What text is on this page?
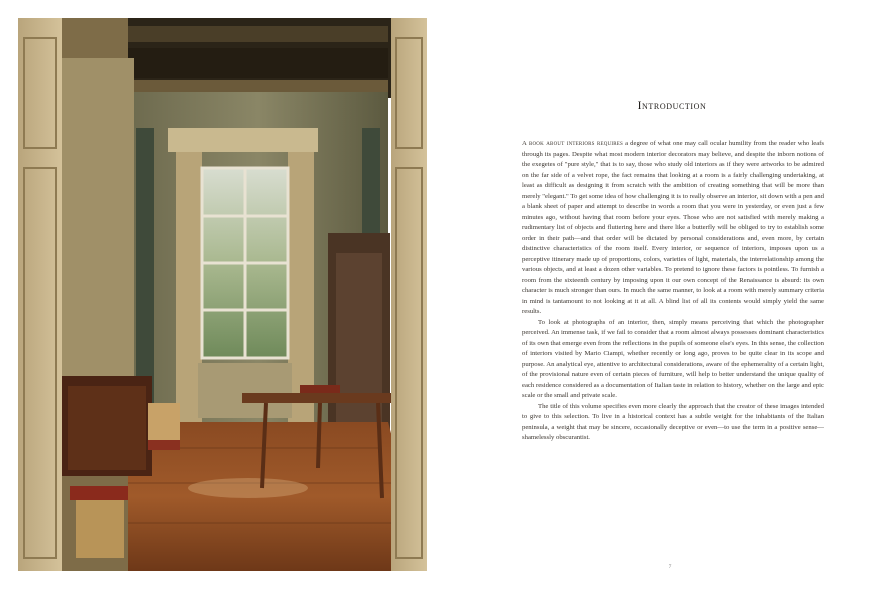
Introduction

A book about interiors requires a degree of what one may call ocular humility from the reader who leafs through its pages. Despite what most modern interior decorators may believe, and despite the inborn notions of the exegetes of "pure style," that is to say, those who study old interiors as if they were artworks to be admired on the far side of a velvet rope, the fact remains that looking at a room is a fairly challenging undertaking, at least as difficult as designing it from scratch with the ambition of creating something that will be more than merely "elegant." To get some idea of how challenging it is to really observe an interior, sit down with a pen and a blank sheet of paper and attempt to describe in words a room that you were in yesterday, or even just a few minutes ago, without having that room before your eyes. Those who are not satisfied with merely making a rudimentary list of objects and fluttering here and there like a butterfly will be obliged to try to establish some order in their path—and that order will be dictated by personal considerations and, even more, by certain distinctive characteristics of the room itself. Every interior, or sequence of interiors, imposes upon us a perceptive itinerary made up of proportions, colors, varieties of light, materials, the interrelationship among the various objects, and at least a dozen other variables. To pretend to ignore these factors is pointless. To furnish a room from the sixteenth century by imposing upon it our own concept of the Renaissance is absurd: its own character is much stronger than ours. In much the same manner, to look at a room with merely summary criteria in mind is tantamount to not looking at it at all. A blind list of all its contents would simply yield the same results.

To look at photographs of an interior, then, simply means perceiving that which the photographer perceived. An immense task, if we fail to consider that a room almost always possesses dominant characteristics of its own that emerge even from the reflections in the pupils of someone else's eyes. In this sense, the collection of interiors visited by Mario Ciampi, whether recently or long ago, proves to be quite clear in its scope and purpose. An analytical eye, attentive to architectural considerations, aware of the ephemerality of a certain light, of the provisional nature even of certain pieces of furniture, will help to better understand the unique quality of each residence considered as a documentation of Italian taste in relation to history, whether on the large and epic scale or the small and private scale.

The title of this volume specifies even more clearly the approach that the creator of these images intended to give to this selection. To live in a historical context has a subtle weight for the inhabitants of the Italian peninsula, a weight that may be sincere, occasionally deceptive or even—to use the term in a positive sense—shamelessly obscurantist.

7
